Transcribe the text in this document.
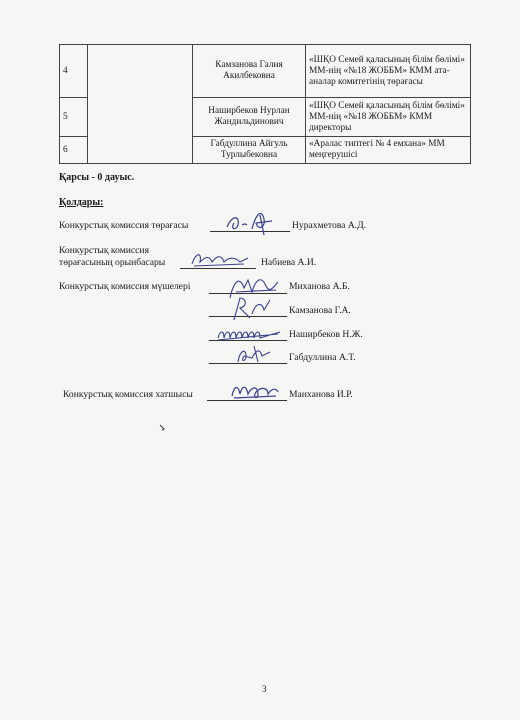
4		Камзанова Галия Акилбековна	«ШҚО Семей қаласының білім бөлімі» ММ-нің «№18 ЖОББМ» КММ ата-аналар комитетінің төрағасы
5		Наширбеков Нурлан Жандильдинович	«ШҚО Семей қаласының білім бөлімі» ММ-нің «№18 ЖОББМ» КММ директоры
6		Габдуллина Айгуль Турлыбековна	«Аралас типтегі № 4 емхана» ММ меңгерушісі
Қарсы - 0 дауыс.
Қолдары:
Конкурстық комиссия төрағасы	Нурахметова А.Д.
Конкурстық комиссия
төрағасының орынбасары	Набиева А.И.
Конкурстық комиссия мүшелері	Миханова А.Б.
Камзанова Г.А.
Наширбеков Н.Ж.
Габдуллина А.Т.
Конкурстық комиссия хатшысы	Манханова И.Р.
3
